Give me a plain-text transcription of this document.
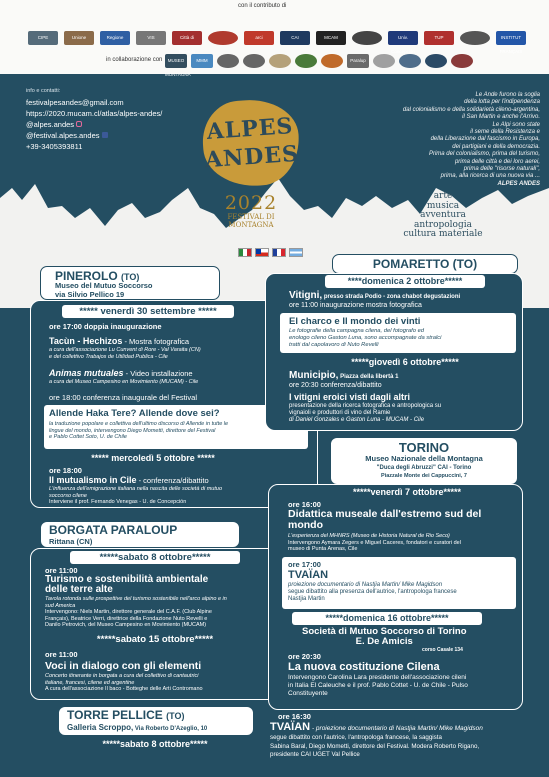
con il contributo di
CIPE	Unione	Regione	VIS	Città di Pinerolo
arci	CAI	MCAM	Univ. Concepción
TUP	INSTITUT FRANÇAIS
in collaborazione con	MUSEO MONTAGNA
MMM	Paralup
info e contatti:
festivalpesandes@gmail.com
https://2020.mucam.cl/atlas/alpes-andes/
@alpes.andes
@festival.alpes.andes
+39-3405393811
Le Ande furono la soglia
della lotta per l'indipendenza
dal colonialismo e della solidarietà cileno-argentina,
il San Martin e anche l'Arrivo.
Le Alpi sono state
il seme della Resistenza e
della Liberazione dal fascismo in Europa,
dei partigiani e della democrazia.
Prima del colonialismo, prima del turismo,
prima delle città e dei loro aerei,
prima delle "risorse naturali",
prima, alla ricerca di una nuova via ...
ALPES ANDES
ALPES
ANDES
2022
FESTIVAL DI
MONTAGNA
arte
musica
avventura
antropologia
cultura materiale
PINEROLO (TO)
Museo del Mutuo Soccorso
via Silvio Pellico 19
***** venerdì 30 settembre *****
ore 17:00 doppia inaugurazione
Tacùn - Hechizos - Mostra fotografica
a cura dell'associazione Lu Cunvent di Rore - Val Varaita (CN)
e del collettivo Trabajos de Utilidad Publica - Cile
Animas mutuales - Video installazione
a cura del Museo Campesino en Movimiento (MUCAM) - Cile
ore 18:00 conferenza inaugurale del Festival
Allende Haka Tere? Allende dove sei?
la traduzione popolare e collettiva dell'ultimo discorso di Allende in tutte le
lingue del mondo, intervengono Diego Mometti, direttore del Festival
e Pablo Cottet Soto, U. de Chile
***** mercoledì 5 ottobre *****
ore 18:00
Il mutualismo in Cile - conferenza/dibattito
L'influenza dell'emigrazione italiana nella nascita delle società di mutuo
soccorso cilene
Interviene il prof. Fernando Venegas - U. de Concepción
BORGATA PARALOUP
Rittana (CN)
*****sabato 8 ottobre*****
ore 11:00
Turismo e sostenibilità ambientale
delle terre alte
Tavola rotonda sulle prospettive del turismo sostenibile nell'arco alpino e in
sud America
Intervengono: Niels Martin, direttore generale del C.A.F. (Club Alpine
Français), Beatrice Verri, direttrice della Fondazione Nuto Revelli e
Danilo Petrovich, del Museo Campesino en Movimiento (MUCAM)
*****sabato 15 ottobre*****
ore 11:00
Voci in dialogo con gli elementi
Concerto itinerante in borgata a cura del collettivo di cantautrici
italiane, francesi, cilene ed argentine
A cura dell'associazione Il baco - Botteghe delle Arti Contromano
POMARETTO (TO)
****domenica 2 ottobre*****
Vitigni, presso strada Podio - zona chabot degustazioni
ore 11:00 inaugurazione mostra fotografica
El charco e Il mondo dei vinti
Le fotografie della campagna cilena, del fotografo ed
enologo cileno Gaston Luna, sono accompagnate da stralci
tratti dal capolavoro di Nuto Revelli
*****giovedì 6 ottobre*****
Municipio, Piazza della libertà 1
ore 20:30 conferenza/dibattito
I vitigni eroici visti dagli altri
presentazione della ricerca fotografica e antropologica su
vignaioli e produttori di vino del Ramie
di Daniel Gonzales e Gaston Luna - MUCAM - Cile
TORINO
Museo Nazionale della Montagna
"Duca degli Abruzzi" CAI - Torino
Piazzale Monte dei Cappuccini, 7
*****venerdì 7 ottobre*****
ore 16:00
Didattica museale dall'estremo sud del
mondo
L'esperienza del MHNRS (Museo de Historia Natural de Rio Seco)
Intervengono Aymara Zegers e Miguel Caceres, fondatori e curatori del
museo di Punta Arenas, Cile
ore 17:00
TVAÏAN
proiezione documentario di Nastjia Martin/ Mike Magidson
segue dibattito alla presenza dell'autrice, l'antropologa francese
Nastjia Martin
*****domenica 16 ottobre*****
Società di Mutuo Soccorso di Torino
E. De Amicis
corso Casale 134
ore 20:30
La nuova costituzione Cilena
Intervengono Carolina Lara presidente dell'associazione cileni
in Italia El Caleuche e il prof. Pablo Cottet - U. de Chile - Pulso
Constituyente
TORRE PELLICE (TO)
Galleria Scroppo, Via Roberto D'Azeglio, 10
*****sabato 8 ottobre*****
ore 16:30
TVAÏAN - proiezione documentario di Nastjia Martin/ Mike Magidson
segue dibattito con l'autrice, l'antropologa francese, la saggista
Sabina Baral, Diego Mometti, direttore del Festival. Modera Roberto Rigano,
presidente CAI UGET Val Pellice
